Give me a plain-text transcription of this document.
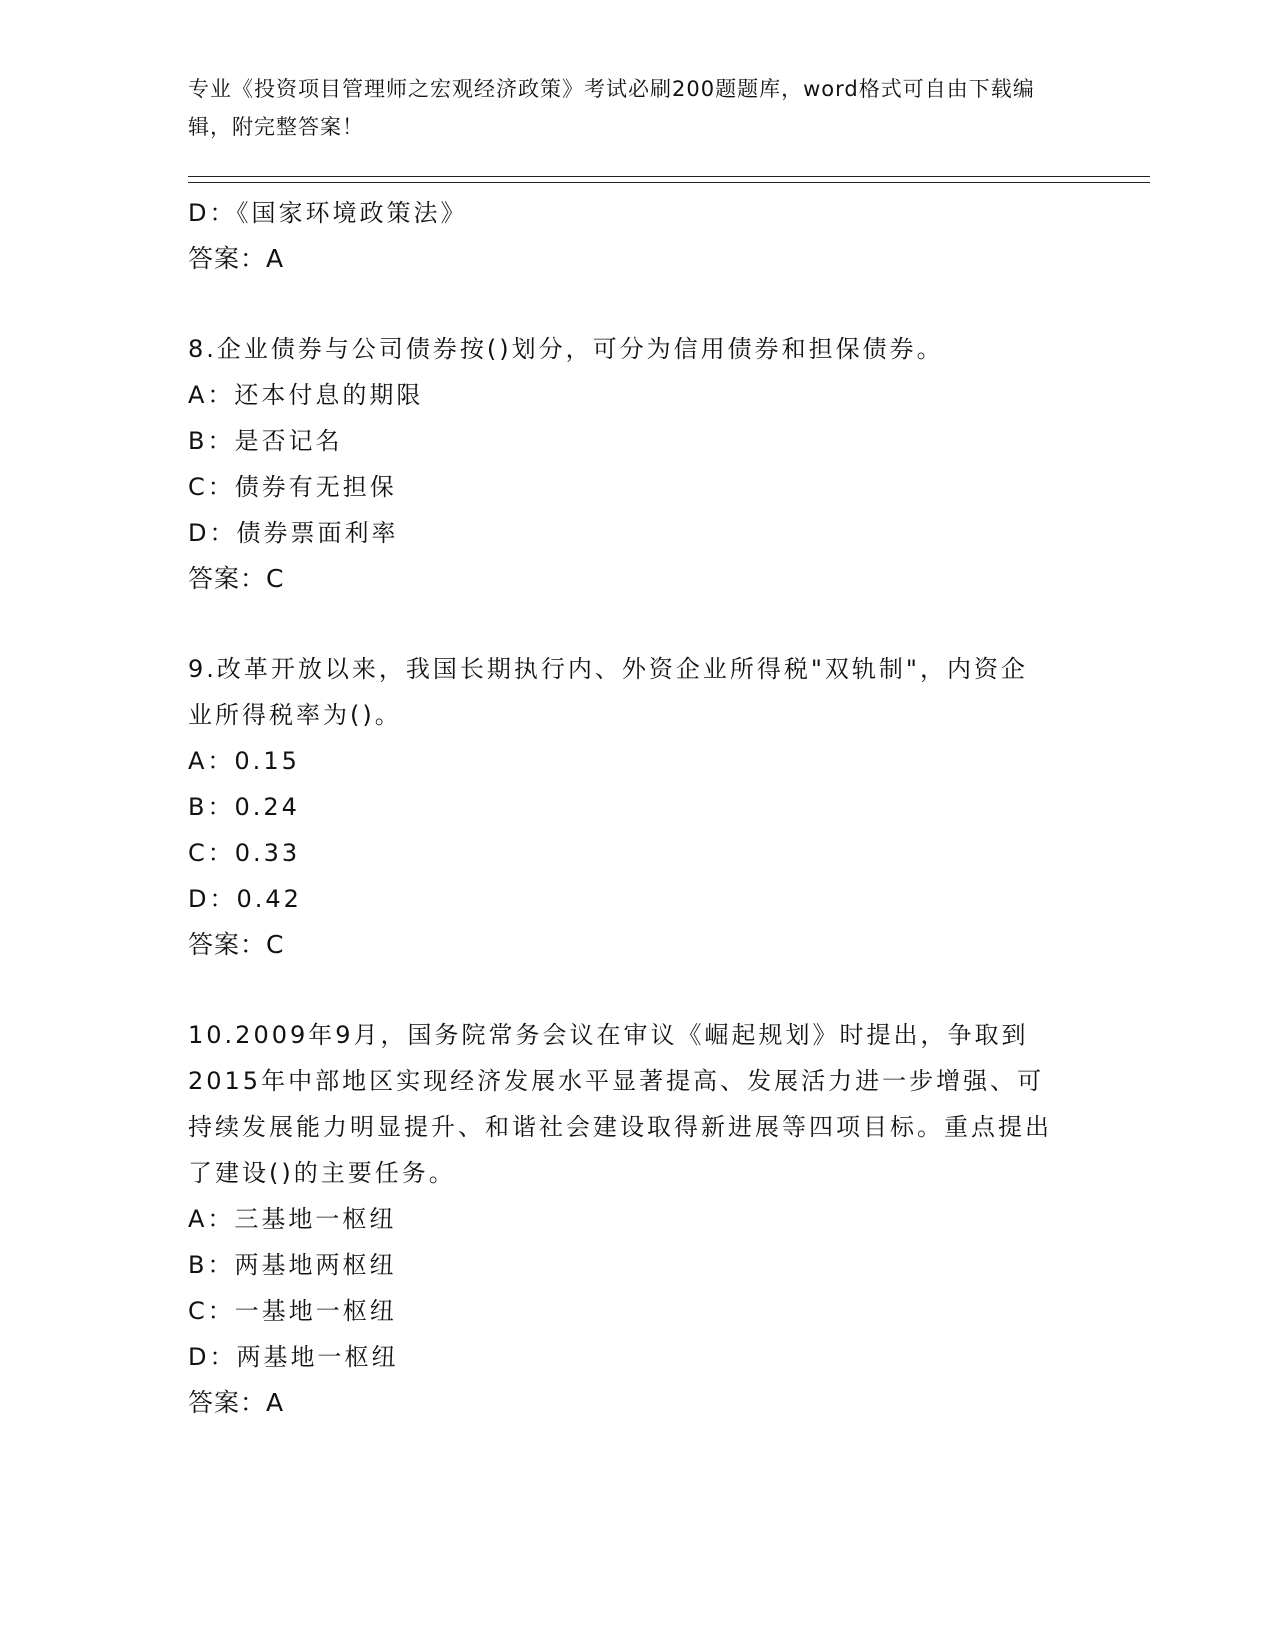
专业《投资项目管理师之宏观经济政策》考试必刷200题题库，word格式可自由下载编辑，附完整答案！
D：《国家环境政策法》
答案：A
8.企业债券与公司债券按()划分，可分为信用债券和担保债券。
A：还本付息的期限
B：是否记名
C：债券有无担保
D：债券票面利率
答案：C
9.改革开放以来，我国长期执行内、外资企业所得税"双轨制"，内资企业所得税率为()。
A：0.15
B：0.24
C：0.33
D：0.42
答案：C
10.2009年9月，国务院常务会议在审议《崛起规划》时提出，争取到2015年中部地区实现经济发展水平显著提高、发展活力进一步增强、可持续发展能力明显提升、和谐社会建设取得新进展等四项目标。重点提出了建设()的主要任务。
A：三基地一枢纽
B：两基地两枢纽
C：一基地一枢纽
D：两基地一枢纽
答案：A
